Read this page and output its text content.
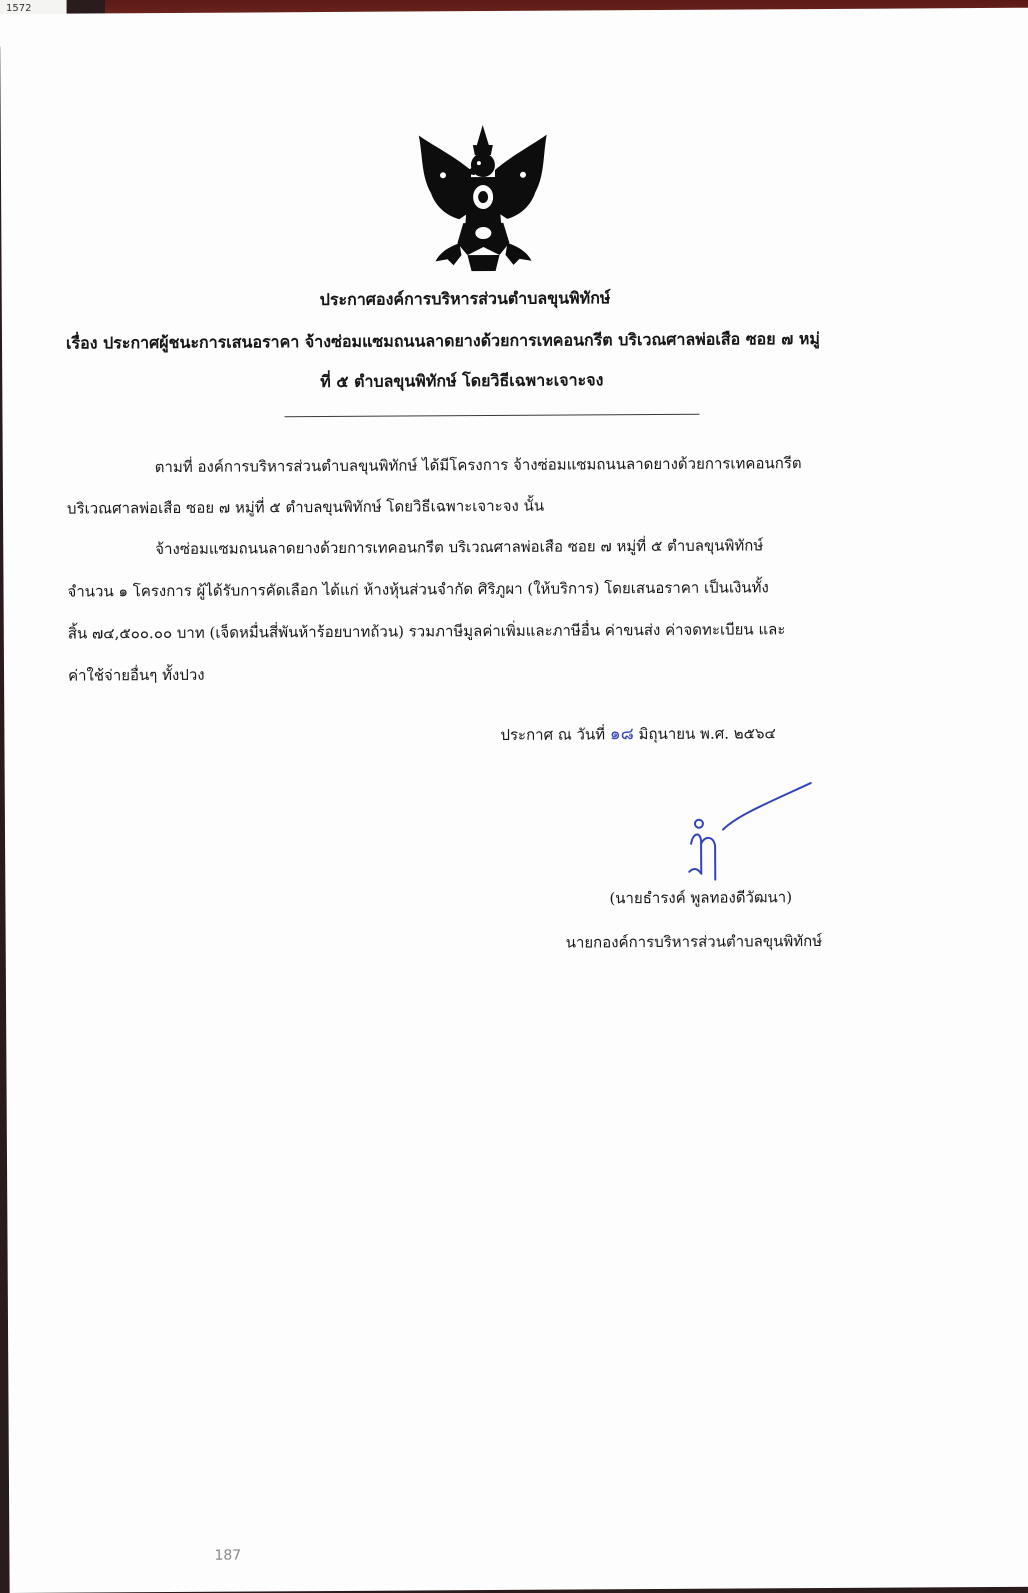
1572
ประกาศองค์การบริหารส่วนตำบลขุนพิทักษ์
เรื่อง ประกาศผู้ชนะการเสนอราคา จ้างซ่อมแซมถนนลาดยางด้วยการเทคอนกรีต บริเวณศาลพ่อเสือ ซอย ๗ หมู่
ที่ ๕ ตำบลขุนพิทักษ์ โดยวิธีเฉพาะเจาะจง
ตามที่ องค์การบริหารส่วนตำบลขุนพิทักษ์ ได้มีโครงการ จ้างซ่อมแซมถนนลาดยางด้วยการเทคอนกรีต
บริเวณศาลพ่อเสือ ซอย ๗ หมู่ที่ ๕ ตำบลขุนพิทักษ์ โดยวิธีเฉพาะเจาะจง นั้น
จ้างซ่อมแซมถนนลาดยางด้วยการเทคอนกรีต บริเวณศาลพ่อเสือ ซอย ๗ หมู่ที่ ๕ ตำบลขุนพิทักษ์
จำนวน ๑ โครงการ ผู้ได้รับการคัดเลือก ได้แก่ ห้างหุ้นส่วนจำกัด ศิริภูผา (ให้บริการ) โดยเสนอราคา เป็นเงินทั้ง
สิ้น ๗๔,๕๐๐.๐๐ บาท (เจ็ดหมื่นสี่พันห้าร้อยบาทถ้วน) รวมภาษีมูลค่าเพิ่มและภาษีอื่น ค่าขนส่ง ค่าจดทะเบียน และ
ค่าใช้จ่ายอื่นๆ ทั้งปวง
ประกาศ ณ วันที่ ๑๘ มิถุนายน พ.ศ. ๒๕๖๔
(นายธำรงค์ พูลทองดีวัฒนา)
นายกองค์การบริหารส่วนตำบลขุนพิทักษ์
187
